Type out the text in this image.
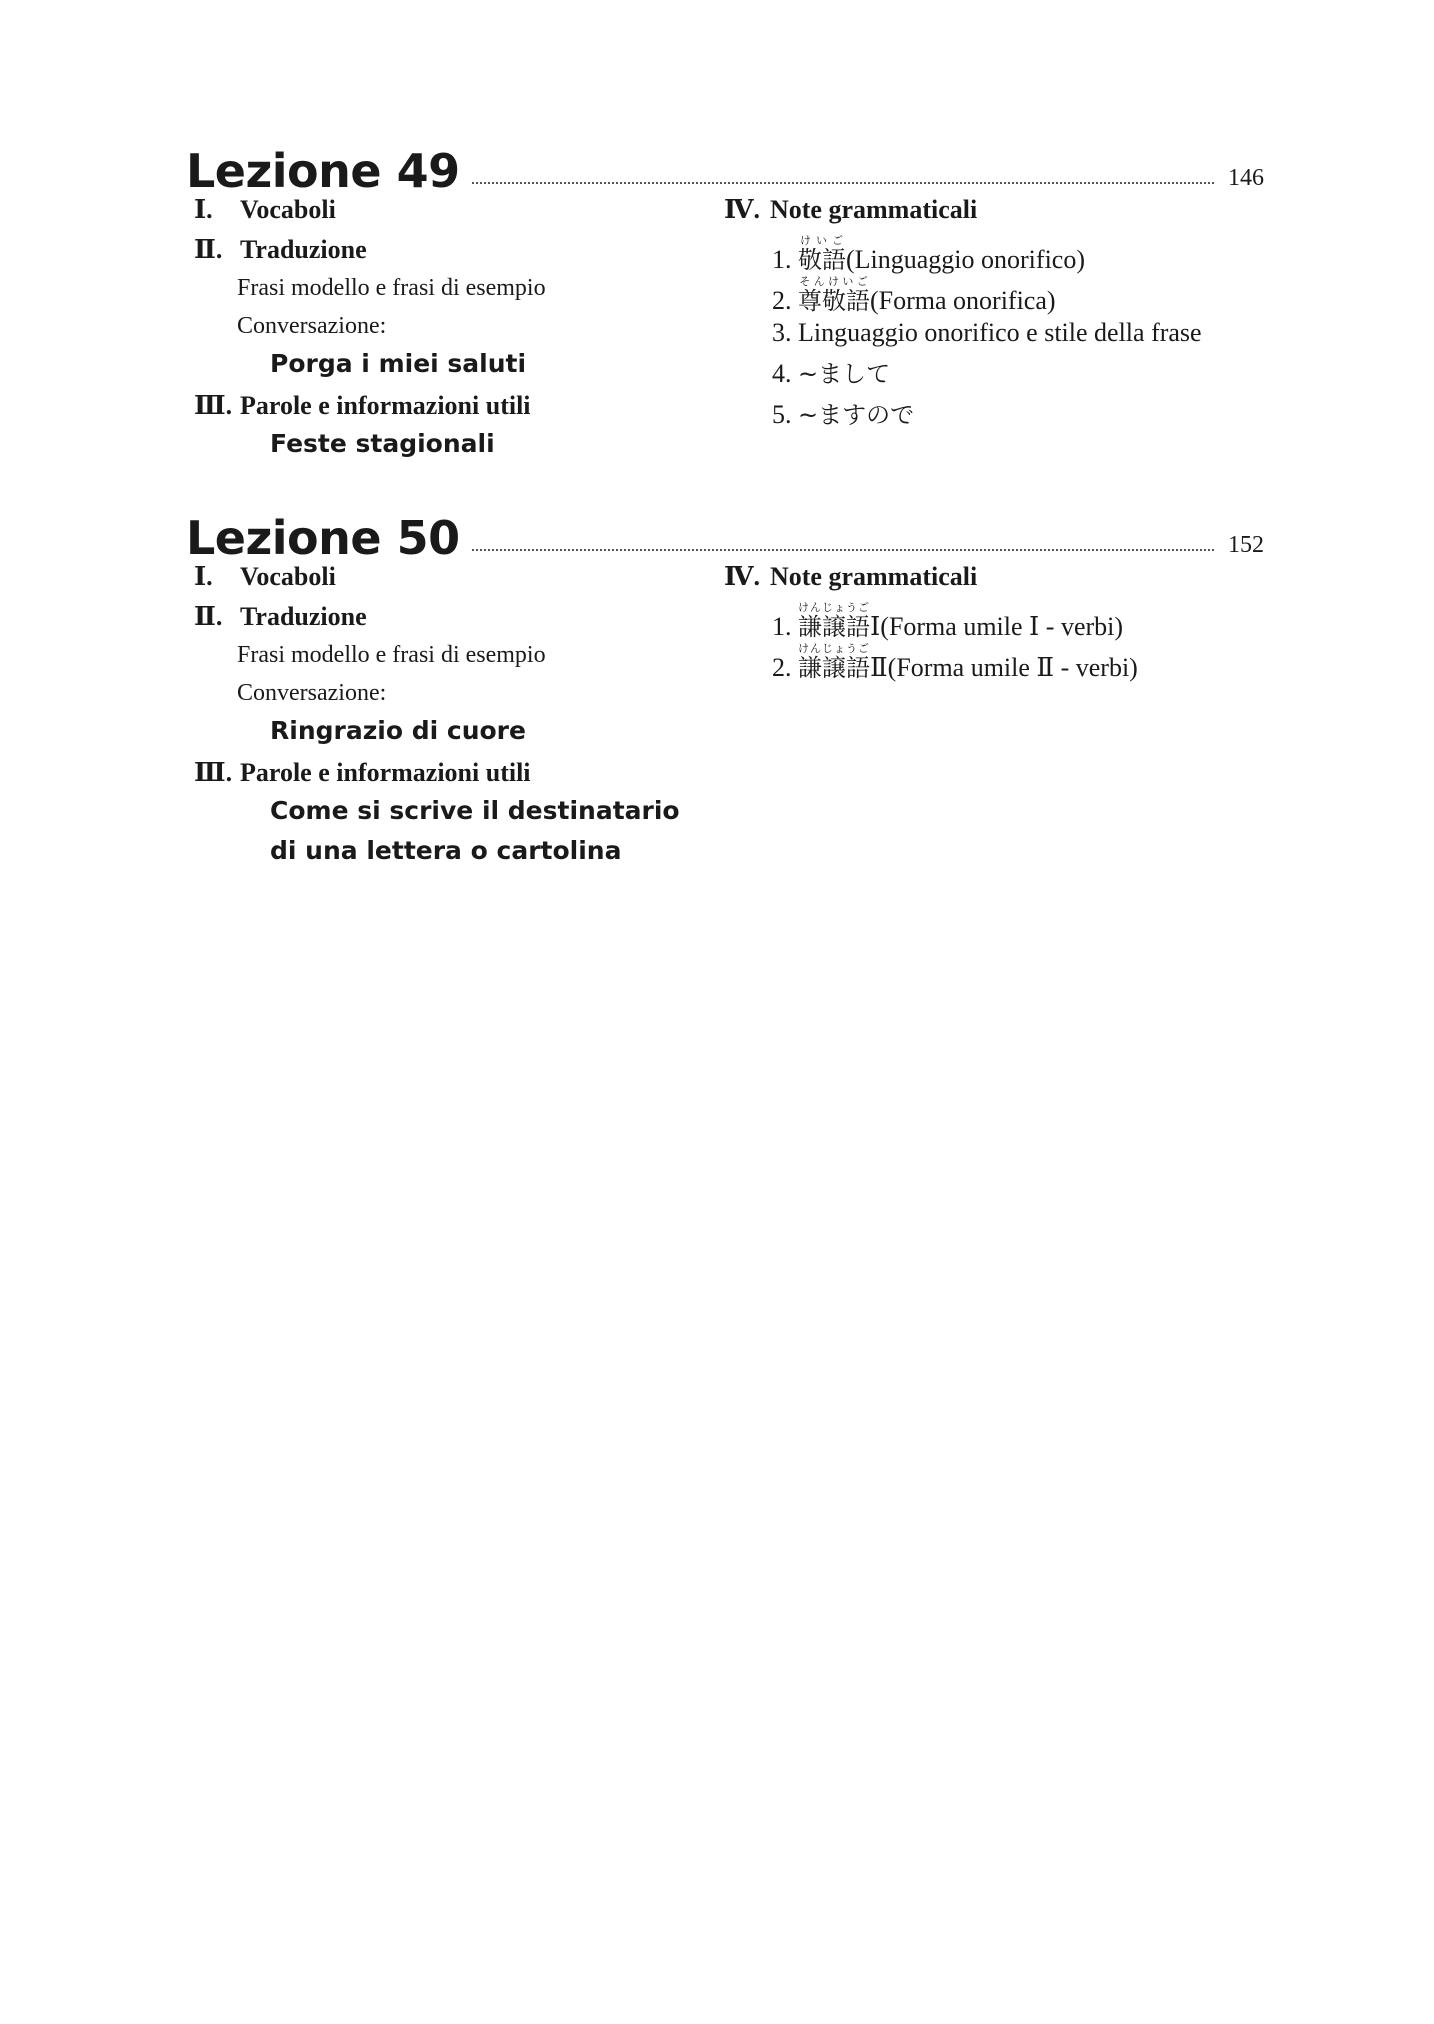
Lezione 49	146
Ⅰ. Vocaboli
Ⅱ. Traduzione
Frasi modello e frasi di esempio
Conversazione:
Porga i miei saluti
Ⅲ. Parole e informazioni utili
Feste stagionali
Ⅳ. Note grammaticali
1. 敬語けいご(Linguaggio onorifico)
2. 尊敬語そんけいご(Forma onorifica)
3. Linguaggio onorifico e stile della frase
4. ~まして
5. ~ますので
Lezione 50	152
Ⅰ. Vocaboli
Ⅱ. Traduzione
Frasi modello e frasi di esempio
Conversazione:
Ringrazio di cuore
Ⅲ. Parole e informazioni utili
Come si scrive il destinatario
di una lettera o cartolina
Ⅳ. Note grammaticali
1. 謙譲語けんじょうごⅠ(Forma umile Ⅰ - verbi)
2. 謙譲語けんじょうごⅡ(Forma umile Ⅱ - verbi)
